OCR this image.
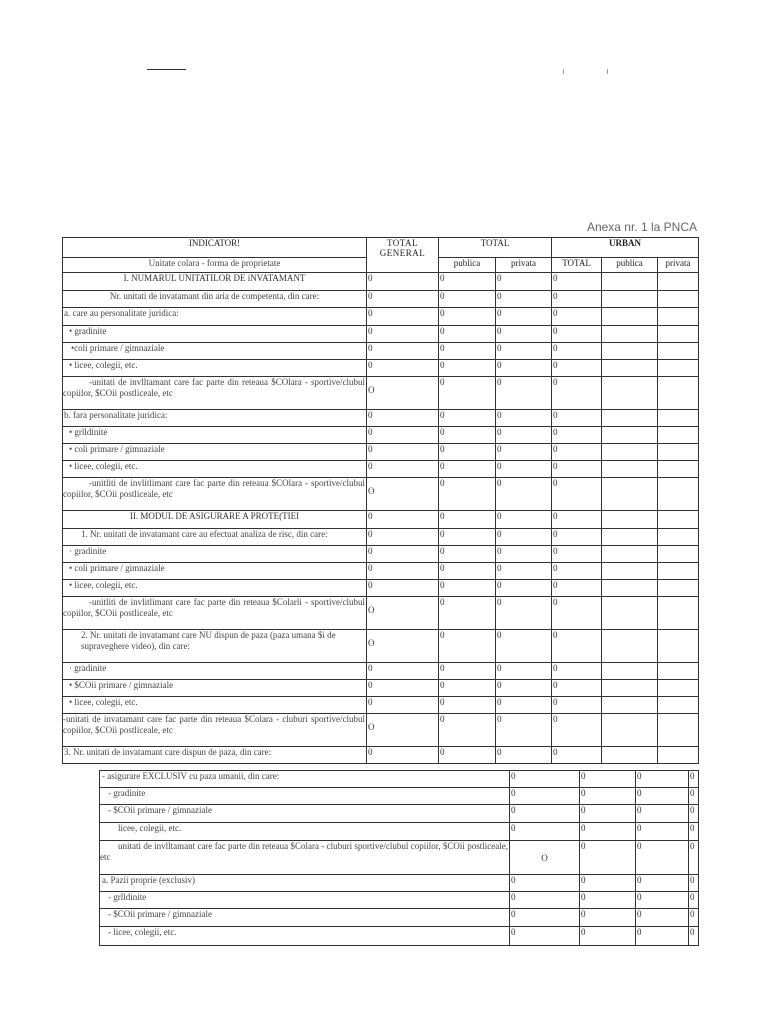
Anexa nr. 1 la PNCA
INDICATOR!	TOTAL GENERAL	TOTAL		URBAN		
Unitate colara - forma de proprietate		publica	privata	TOTAL	publica	privata
I. NUMARUL UNITATILOR DE iNVATAMANT	0	0	0	0		
Nr. unitati de invatamant din aria de competenta, din care:	0	0	0	0		
a. care au personalitate juridica:	0	0	0	0		
• gradinite	0	0	0	0		
•coli primare / gimnaziale	0	0	0	0		
• licee, colegii, etc.	0	0	0	0		
-unitati de invlltamant care fac parte din reteaua $COlara - sportive/clubul copiilor, $COii postliceale, etc	O	0	0	0		
b. fara personalitate juridica:	0	0	0	0		
• grlldinite	0	0	0	0		
• coli primare / gimnaziale	0	0	0	0		
• licee, colegii, etc.	0	0	0	0		
-unitliti de invlitlimant care fac parte din reteaua $COlara - sportive/clubul copiilor, $COii postliceale, etc	O	0	0	0		
II. MODUL DE ASIGURARE A PROTE(TIEI	0	0	0	0		
1. Nr. unitati de invatamant care au efectuat analiza de risc, din care:	0	0	0	0		
· gradinite	0	0	0	0		
• coli primare / gimnaziale	0	0	0	0		
• licee, colegii, etc.	0	0	0	0		
-unitliti de invlitlimant care fac parte din reteaua $Colarli - sportive/clubul copiilor, $COii postliceale, etc	O	0	0	0		
2. Nr. unitati de invatamant care NU dispun de paza (paza umana $i de supraveghere video), din care:	O	0	0	0		
· gradinite	0	0	0	0		
• $COii primare / gimnaziale	0	0	0	0		
• licee, colegii, etc.	0	0	0	0		
-unitati de invatamant care fac parte din reteaua $Colara - cluburi sportive/clubul copiilor, $COii postliceale, etc	O	0	0	0		
3. Nr. unitati de invatamant care dispun de paza, din care:	0	0	0	0		
- asigurare EXCLUSIV cu paza umanii, din care:	0	0	0	0
- gradinite	0	0	0	0
- $COii primare / gimnaziale	0	0	0	0
licee, colegii, etc.	0	0	0	0
unitati de invlltamant care fac parte din reteaua $Colara - cluburi sportive/clubul copiilor, $COii postliceale, etc	O	0	0	0
a. Pazii proprie (exclusiv)	0	0	0	0
- grlldinite	0	0	0	0
- $COii primare / gimnaziale	0	0	0	0
- licee, colegii, etc.	0	0	0	0
